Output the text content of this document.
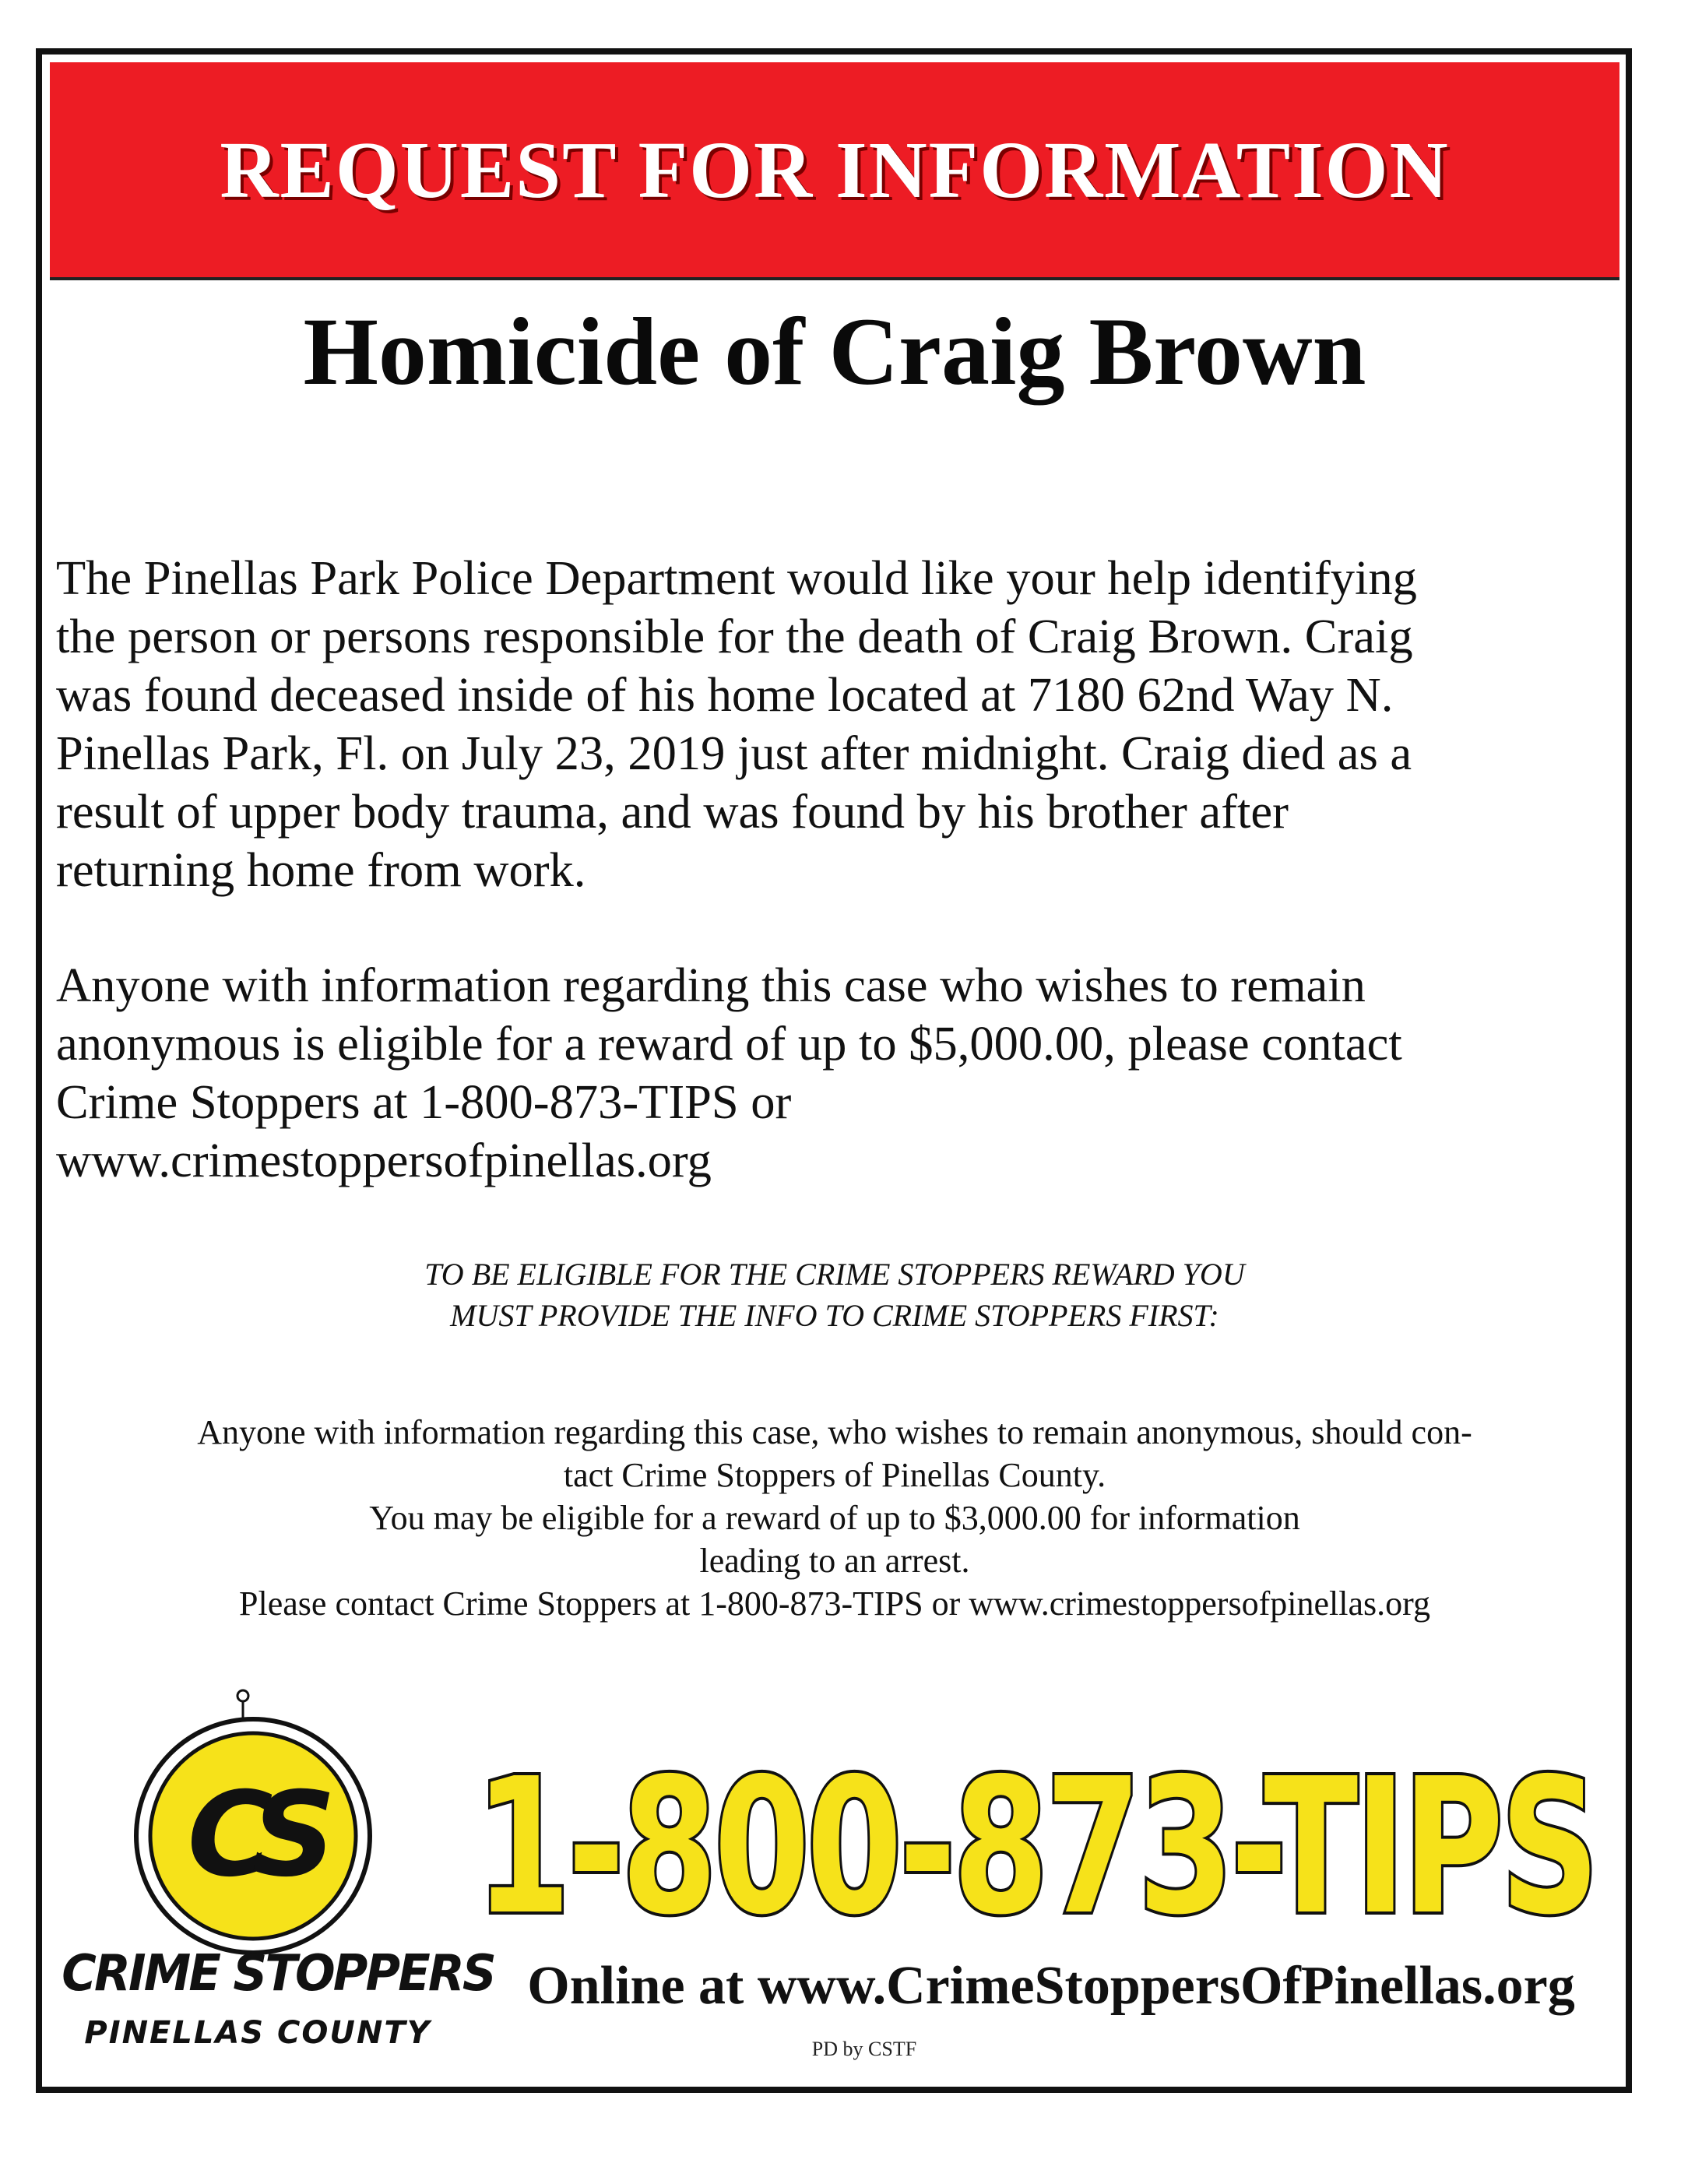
REQUEST FOR INFORMATION
Homicide of Craig Brown
The Pinellas Park Police Department would like your help identifying
the person or persons responsible for the death of Craig Brown. Craig
was found deceased inside of his home located at 7180 62nd Way N.
Pinellas Park, Fl. on July 23, 2019 just after midnight. Craig died as a
result of upper body trauma, and was found by his brother after
returning home from work.
Anyone with information regarding this case who wishes to remain
anonymous is eligible for a reward of up to $5,000.00, please contact
Crime Stoppers at 1-800-873-TIPS or
www.crimestoppersofpinellas.org
TO BE ELIGIBLE FOR THE CRIME STOPPERS REWARD YOU
MUST PROVIDE THE INFO TO CRIME STOPPERS FIRST:
Anyone with information regarding this case, who wishes to remain anonymous, should con-
tact Crime Stoppers of Pinellas County.
You may be eligible for a reward of up to $3,000.00 for information
leading to an arrest.
Please contact Crime Stoppers at 1-800-873-TIPS or www.crimestoppersofpinellas.org
CS
CRIME STOPPERS
PINELLAS COUNTY
1-800-873-TIPS
Online at www.CrimeStoppersOfPinellas.org
PD by CSTF
